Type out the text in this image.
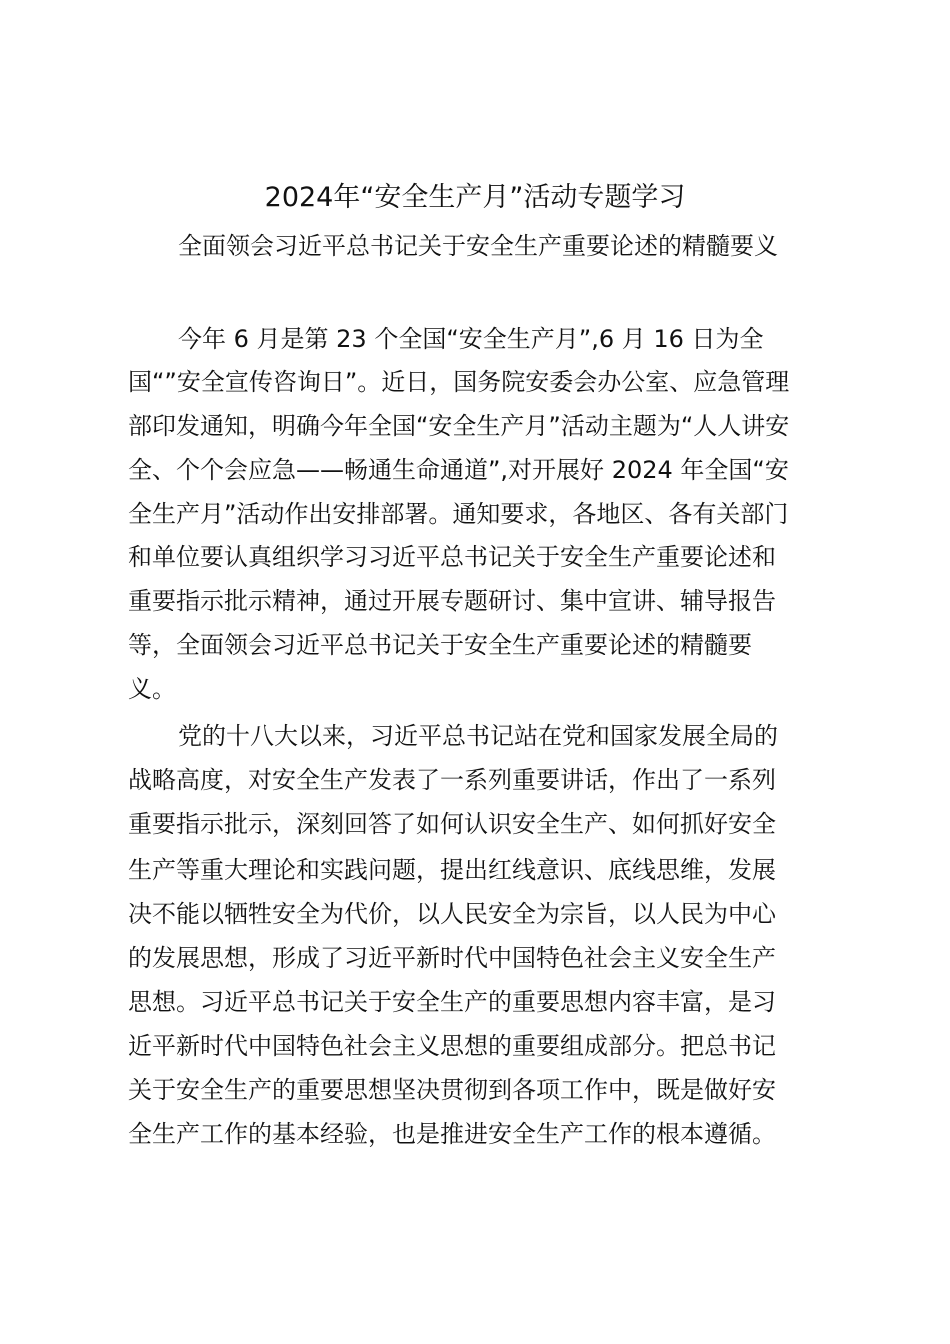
2024年“安全生产月”活动专题学习
全面领会习近平总书记关于安全生产重要论述的精髓要义
今年 6 月是第 23 个全国“安全生产月”,6 月 16 日为全
国“”安全宣传咨询日”。近日，国务院安委会办公室、应急管理
部印发通知，明确今年全国“安全生产月”活动主题为“人人讲安
全、个个会应急——畅通生命通道”,对开展好 2024 年全国“安
全生产月”活动作出安排部署。通知要求，各地区、各有关部门
和单位要认真组织学习习近平总书记关于安全生产重要论述和
重要指示批示精神，通过开展专题研讨、集中宣讲、辅导报告
等，全面领会习近平总书记关于安全生产重要论述的精髓要
义。
党的十八大以来，习近平总书记站在党和国家发展全局的
战略高度，对安全生产发表了一系列重要讲话，作出了一系列
重要指示批示，深刻回答了如何认识安全生产、如何抓好安全
生产等重大理论和实践问题，提出红线意识、底线思维，发展
决不能以牺牲安全为代价，以人民安全为宗旨，以人民为中心
的发展思想，形成了习近平新时代中国特色社会主义安全生产
思想。习近平总书记关于安全生产的重要思想内容丰富，是习
近平新时代中国特色社会主义思想的重要组成部分。把总书记
关于安全生产的重要思想坚决贯彻到各项工作中，既是做好安
全生产工作的基本经验，也是推进安全生产工作的根本遵循。
